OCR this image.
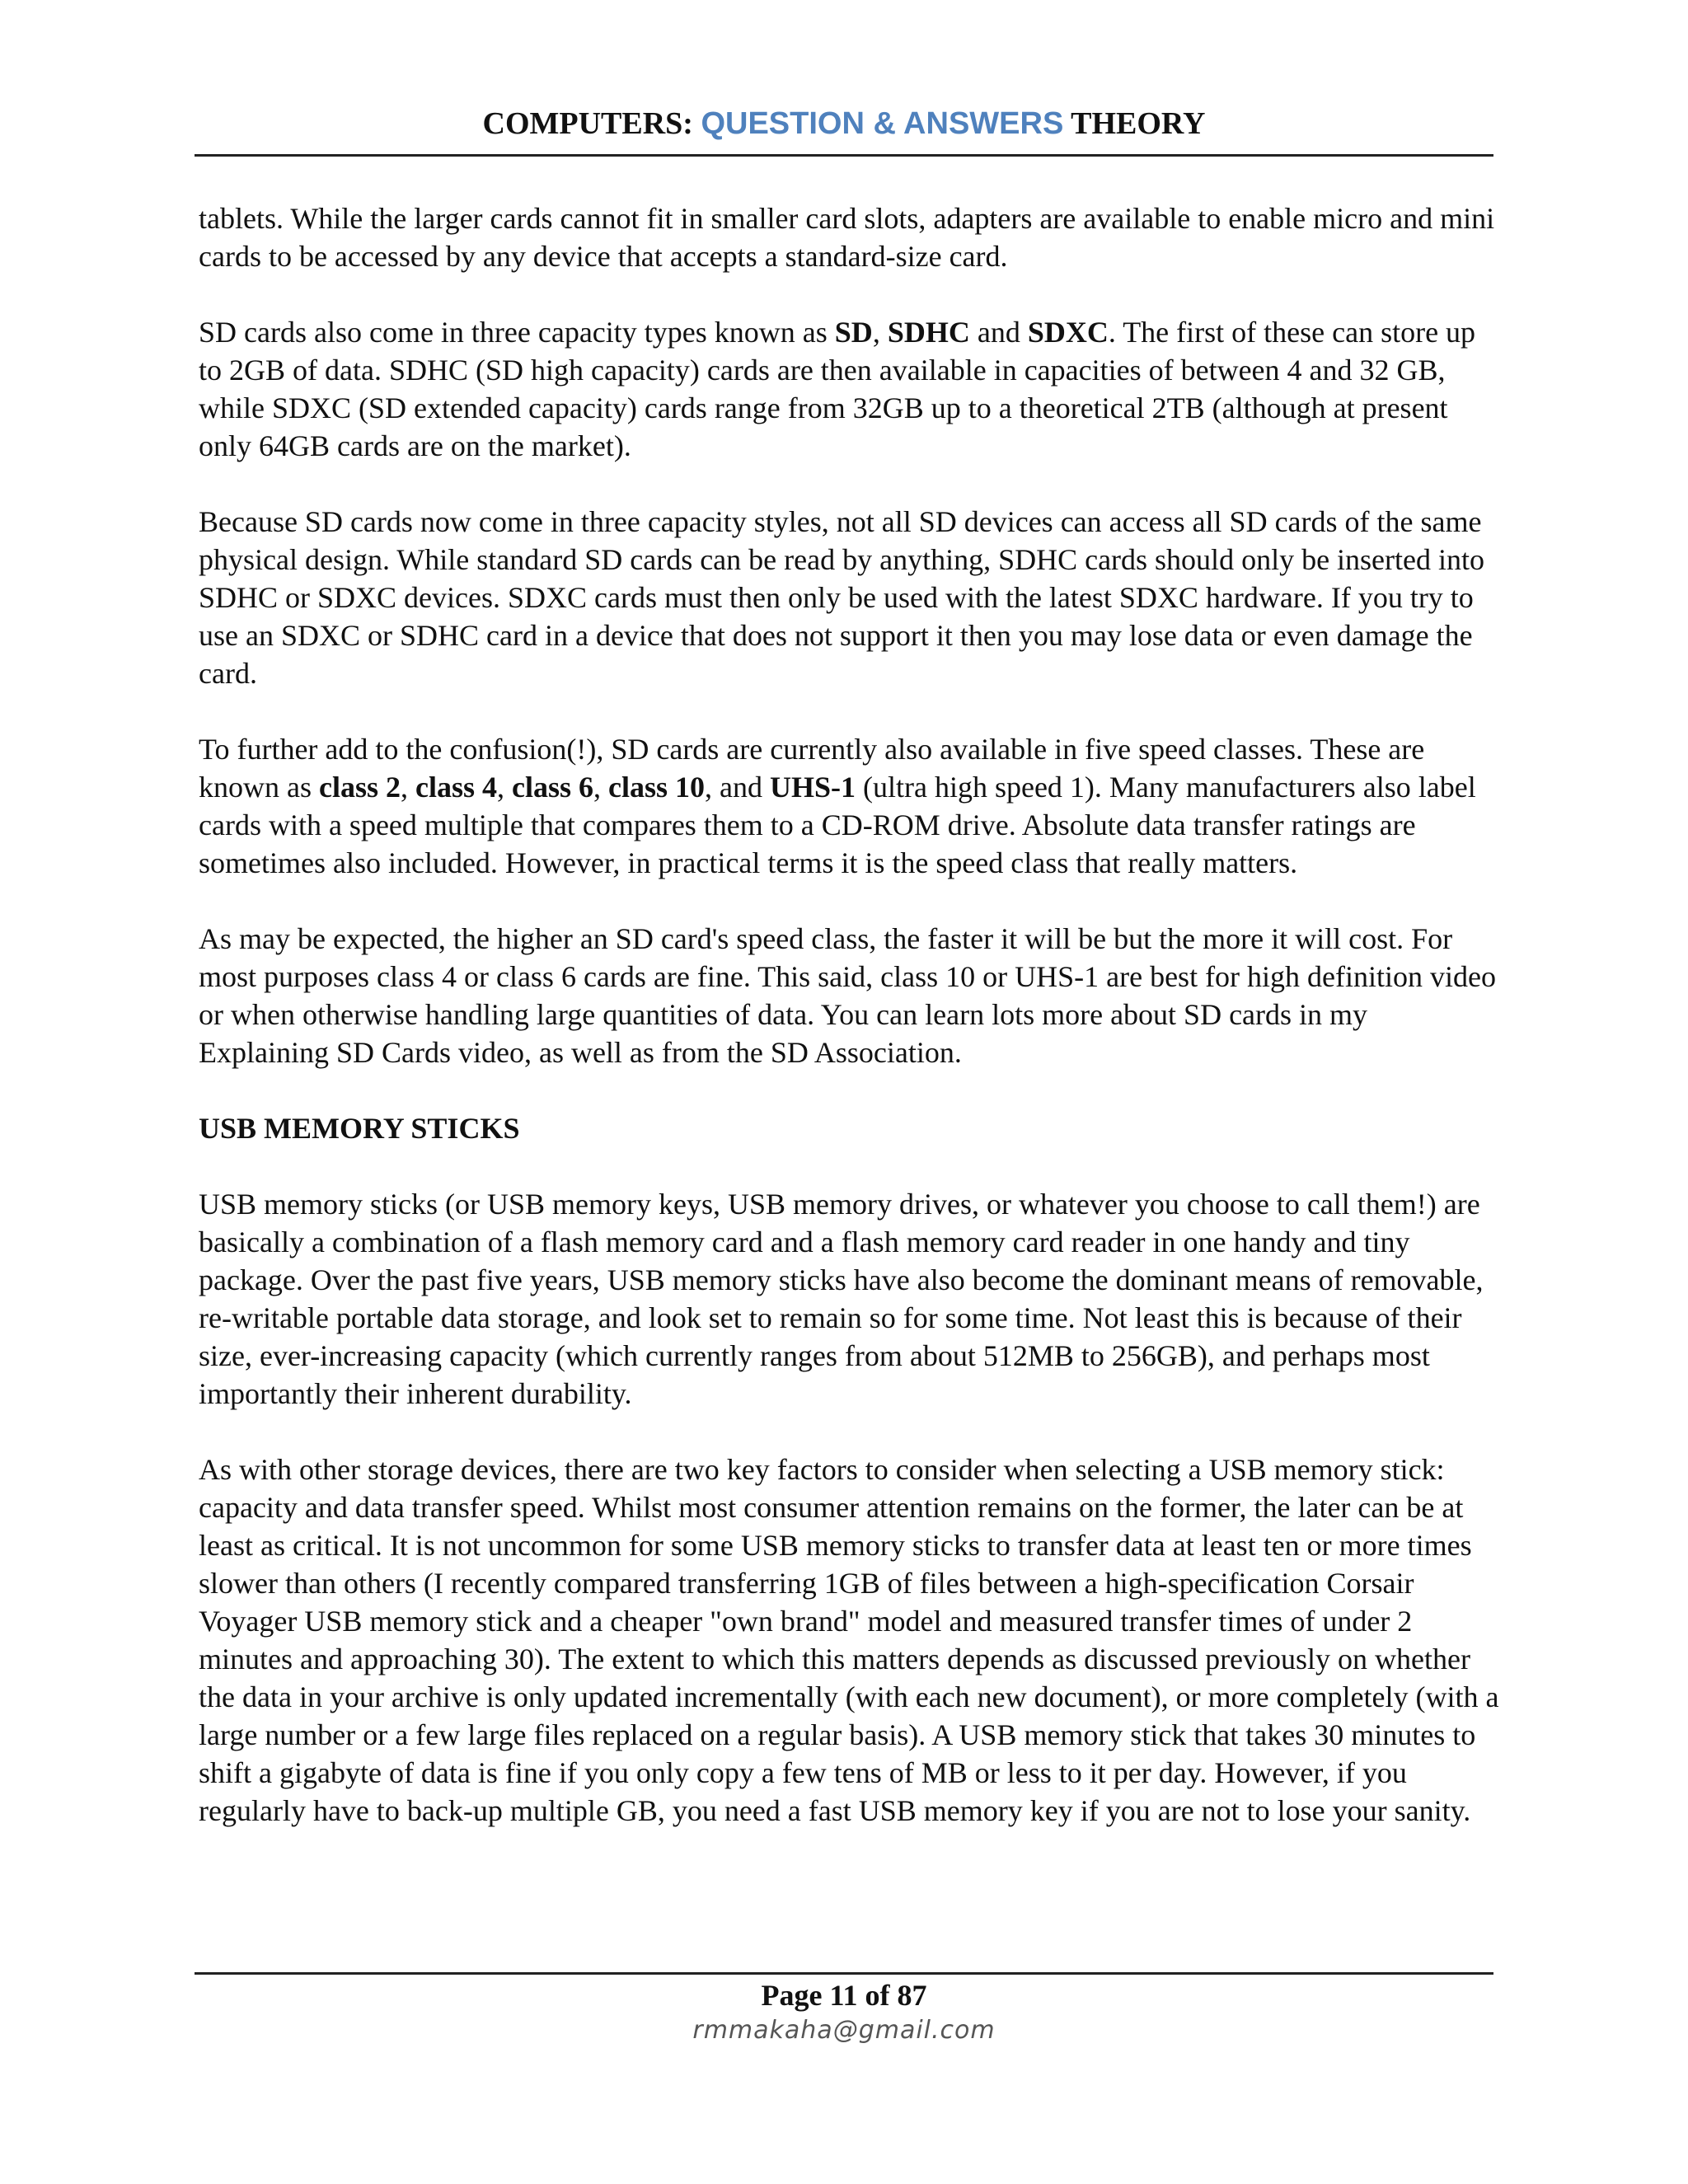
COMPUTERS: QUESTION & ANSWERS THEORY

tablets. While the larger cards cannot fit in smaller card slots, adapters are available to enable micro and mini cards to be accessed by any device that accepts a standard-size card.

SD cards also come in three capacity types known as SD, SDHC and SDXC. The first of these can store up to 2GB of data. SDHC (SD high capacity) cards are then available in capacities of between 4 and 32 GB, while SDXC (SD extended capacity) cards range from 32GB up to a theoretical 2TB (although at present only 64GB cards are on the market).

Because SD cards now come in three capacity styles, not all SD devices can access all SD cards of the same physical design. While standard SD cards can be read by anything, SDHC cards should only be inserted into SDHC or SDXC devices. SDXC cards must then only be used with the latest SDXC hardware. If you try to use an SDXC or SDHC card in a device that does not support it then you may lose data or even damage the card.

To further add to the confusion(!), SD cards are currently also available in five speed classes. These are known as class 2, class 4, class 6, class 10, and UHS-1 (ultra high speed 1). Many manufacturers also label cards with a speed multiple that compares them to a CD-ROM drive. Absolute data transfer ratings are sometimes also included. However, in practical terms it is the speed class that really matters.

As may be expected, the higher an SD card's speed class, the faster it will be but the more it will cost. For most purposes class 4 or class 6 cards are fine. This said, class 10 or UHS-1 are best for high definition video or when otherwise handling large quantities of data. You can learn lots more about SD cards in my Explaining SD Cards video, as well as from the SD Association.

USB MEMORY STICKS

USB memory sticks (or USB memory keys, USB memory drives, or whatever you choose to call them!) are basically a combination of a flash memory card and a flash memory card reader in one handy and tiny package. Over the past five years, USB memory sticks have also become the dominant means of removable, re-writable portable data storage, and look set to remain so for some time. Not least this is because of their size, ever-increasing capacity (which currently ranges from about 512MB to 256GB), and perhaps most importantly their inherent durability.

As with other storage devices, there are two key factors to consider when selecting a USB memory stick: capacity and data transfer speed. Whilst most consumer attention remains on the former, the later can be at least as critical. It is not uncommon for some USB memory sticks to transfer data at least ten or more times slower than others (I recently compared transferring 1GB of files between a high-specification Corsair Voyager USB memory stick and a cheaper "own brand" model and measured transfer times of under 2 minutes and approaching 30). The extent to which this matters depends as discussed previously on whether the data in your archive is only updated incrementally (with each new document), or more completely (with a large number or a few large files replaced on a regular basis). A USB memory stick that takes 30 minutes to shift a gigabyte of data is fine if you only copy a few tens of MB or less to it per day. However, if you regularly have to back-up multiple GB, you need a fast USB memory key if you are not to lose your sanity.

Page 11 of 87
rmmakaha@gmail.com
